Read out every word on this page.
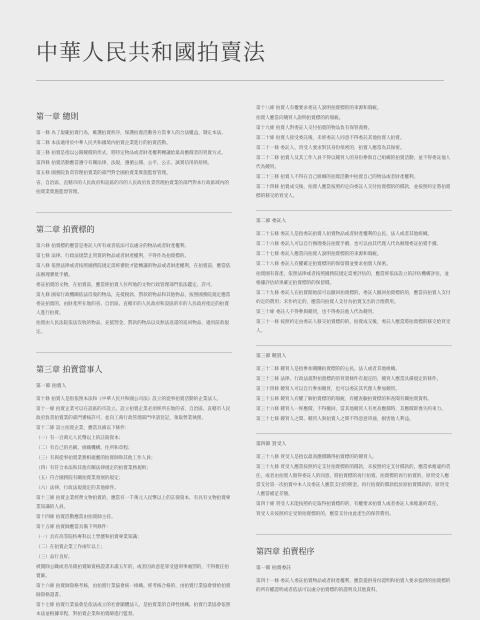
中華人民共和國拍賣法
第一章 總則

第一條 為了規範拍賣行為，維護拍賣秩序，保護拍賣活動各方當事人的合法權益，制定本法。

第二條 本法適用於中華人民共和國境內拍賣企業進行的拍賣活動。

第三條 拍賣是指以公開競價的形式，將特定物品或者財產權利轉讓給最高應價者的買賣方式。

第四條 拍賣活動應當遵守有關法律、法規，遵循公開、公平、公正、誠實信用的原則。

第五條 國務院負責管理拍賣業的部門對全國拍賣業實施監督管理。

省、自治區、直轄市的人民政府和設區的市的人民政府負責管理拍賣業的部門對本行政區域內的拍賣業實施監督管理。

第二章 拍賣標的

第六條 拍賣標的應當是委託人所有或者依法可以處分的物品或者財產權利。

第七條 法律、行政法規禁止買賣的物品或者財產權利，不得作為拍賣標的。

第八條 依照法律或者按照國務院規定需經審批才能轉讓的物品或者財產權利，在拍賣前，應當依法辦理審批手續。

委託拍賣的文物，在拍賣前，應當經拍賣人住所地的文物行政管理部門依法鑑定、許可。

第九條 國家行政機關依法沒收的物品，充抵稅款、罰款的物品和其他物品，按照國務院規定應當委託拍賣的，由財產所在地的省、自治區、直轄市的人民政府和設區的市的人民政府指定的拍賣人進行拍賣。

拍賣由人民法院依法沒收的物品，充抵罰金、罰款的物品以及無法返還的追回物品，適用前款規定。

第三章 拍賣當事人
第一節 拍賣人

第十條 拍賣人是指依照本法和《中華人民共和國公司法》設立的從事拍賣活動的企業法人。

第十一條 拍賣企業可以在設區的市設立。設立拍賣企業必須經所在地的省、自治區、直轄市人民政府負責拍賣業的部門審核許可，並向工商行政管理部門申請登記，領取營業執照。

第十二條 設立拍賣企業，應當具備以下條件：

（一）有一百萬元人民幣以上的註冊資本；

（二）有自己的名稱、組織機構、住所和章程；

（三）有與從事拍賣業務相適應的拍賣師和其他工作人員；

（四）有符合本法和其他有關法律規定的拍賣業務規則；

（五）符合國務院有關拍賣業發展的規定；

（六）法律、行政法規規定的其他條件。

第十三條 拍賣企業經營文物拍賣的，應當有一千萬元人民幣以上的註冊資本，有具有文物拍賣專業知識的人員。

第十四條 拍賣活動應當由拍賣師主持。

第十五條 拍賣師應當具備下列條件：

（一）具有高等院校專科以上學歷和拍賣專業知識；

（二）在拍賣企業工作兩年以上；

（三）品行良好。

被開除公職或者吊銷拍賣師資格證書未滿五年的，或者因故意犯罪受過刑事處罰的，不得擔任拍賣師。

第十六條 拍賣師資格考核，由拍賣行業協會統一組織。經考核合格的，由拍賣行業協會發給拍賣師資格證書。

第十七條 拍賣行業協會是依法成立的社會團體法人，是拍賣業的自律性組織。拍賣行業協會依照本法並根據章程，對拍賣企業和拍賣師進行監督。

第十八條 拍賣人有權要求委託人說明拍賣標的的來源和瑕疵。

拍賣人應當向競買人說明拍賣標的的瑕疵。

第十九條 拍賣人對委託人交付拍賣的物品負有保管義務。

第二十條 拍賣人接受委託後，未經委託人同意不得委託其他拍賣人拍賣。

第二十一條 委託人、買受人要求對其身份保密的，拍賣人應當為其保密。

第二十二條 拍賣人及其工作人員不得以競買人的身份參與自己組織的拍賣活動，並不得委託他人代為競買。

第二十三條 拍賣人不得在自己組織的拍賣活動中拍賣自己的物品或者財產權利。

第二十四條 拍賣成交後，拍賣人應當按照約定向委託人交付拍賣標的的價款，並按照約定將拍賣標的移交給買受人。

第二節 委託人

第二十五條 委託人是指委託拍賣人拍賣物品或者財產權利的公民、法人或者其他組織。

第二十六條 委託人可以自行辦理委託拍賣手續，也可以由其代理人代為辦理委託拍賣手續。

第二十七條 委託人應當向拍賣人說明拍賣標的的來源和瑕疵。

第二十八條 委託人有權確定拍賣標的的保留價並要求拍賣人保密。

拍賣國有資產，依照法律或者按照國務院規定需要評估的，應當經依法設立的評估機構評估，並根據評估結果確定拍賣標的的保留價。

第二十九條 委託人在拍賣開始前可以撤回拍賣標的。委託人撤回拍賣標的的，應當向拍賣人支付約定的費用；未作約定的，應當向拍賣人支付為拍賣支出的合理費用。

第三十條 委託人不得參與競買，也不得委託他人代為競買。

第三十一條 按照約定由委託人移交拍賣標的的，拍賣成交後，委託人應當將拍賣標的移交給買受人。

第三節 競買人

第三十二條 競買人是指參加競購拍賣標的的公民、法人或者其他組織。

第三十三條 法律、行政法規對拍賣標的的買賣條件有規定的，競買人應當具備規定的條件。

第三十四條 競買人可以自行參加競買，也可以委託其代理人參加競買。

第三十五條 競買人有權了解拍賣標的的瑕疵，有權查驗拍賣標的和查閱有關拍賣資料。

第三十六條 競買人一經應價，不得撤回，當其他競買人有更高應價時，其應價即喪失約束力。

第三十七條 競買人之間、競買人與拍賣人之間不得惡意串通，損害他人利益。

第四節 買受人

第三十八條 買受人是指以最高應價購得拍賣標的的競買人。

第三十九條 買受人應當按照約定支付拍賣標的的價款，未按照約定支付價款的，應當承擔違約責任，或者由拍賣人徵得委託人的同意，將拍賣標的再行拍賣。拍賣標的再行拍賣的，原買受人應當支付第一次拍賣中本人及委託人應當支付的佣金。再行拍賣的價款低於原拍賣價款的，原買受人應當補足差額。

第四十條 買受人未能按照約定取得拍賣標的的，有權要求拍賣人或者委託人承擔違約責任。

買受人未按照約定受領拍賣標的的，應當支付由此產生的保管費用。

第四章 拍賣程序
第一節 拍賣委託

第四十一條 委託人委託拍賣物品或者財產權利，應當提供身份證明和拍賣人要求提供的拍賣標的的所有權證明或者依法可以處分拍賣標的的證明及其他資料。
